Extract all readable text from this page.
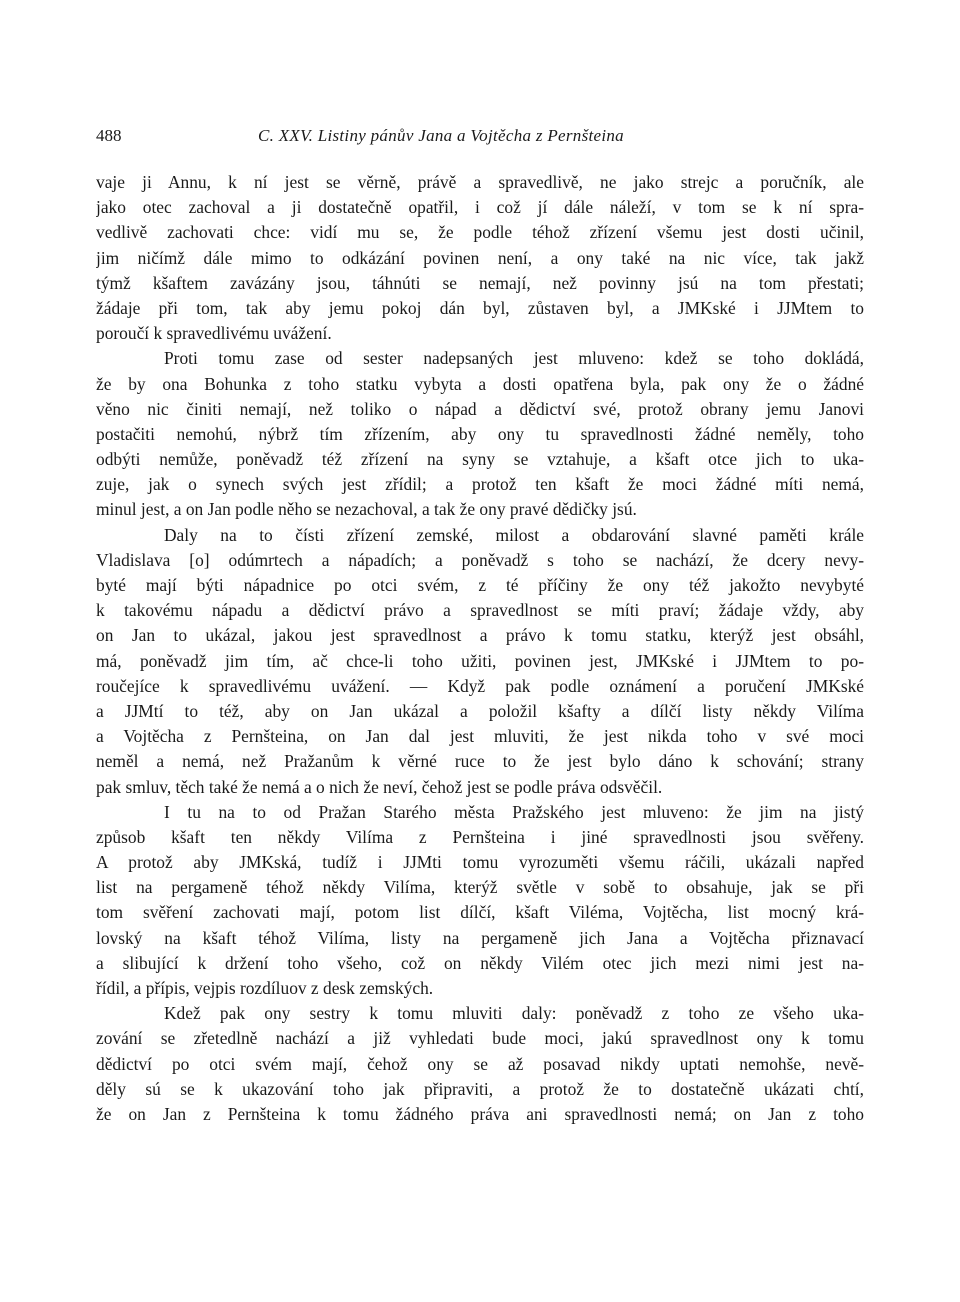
488	C. XXV. Listiny pánův Jana a Vojtěcha z Pernšteina
vaje ji Annu, k ní jest se věrně, právě a spravedlivě, ne jako strejc a poručník, ale
jako otec zachoval a ji dostatečně opatřil, i což jí dále náleží, v tom se k ní spra-
vedlivě zachovati chce: vidí mu se, že podle téhož zřízení všemu jest dosti učinil,
jim ničímž dále mimo to odkázání povinen není, a ony také na nic více, tak jakž
týmž kšaftem zavázány jsou, táhnúti se nemají, než povinny jsú na tom přestati;
žádaje při tom, tak aby jemu pokoj dán byl, zůstaven byl, a JMKské i JJMtem to
poroučí k spravedlivému uvážení.
Proti tomu zase od sester nadepsaných jest mluveno: kdež se toho dokládá,
že by ona Bohunka z toho statku vybyta a dosti opatřena byla, pak ony že o žádné
věno nic činiti nemají, než toliko o nápad a dědictví své, protož obrany jemu Janovi
postačiti nemohú, nýbrž tím zřízením, aby ony tu spravedlnosti žádné neměly, toho
odbýti nemůže, poněvadž též zřízení na syny se vztahuje, a kšaft otce jich to uka-
zuje, jak o synech svých jest zřídil; a protož ten kšaft že moci žádné míti nemá,
minul jest, a on Jan podle něho se nezachoval, a tak že ony pravé dědičky jsú.
Daly na to čísti zřízení zemské, milost a obdarování slavné paměti krále
Vladislava [o] odúmrtech a nápadích; a poněvadž s toho se nachází, že dcery nevy-
byté mají býti nápadnice po otci svém, z té příčiny že ony též jakožto nevybyté
k takovému nápadu a dědictví právo a spravedlnost se míti praví; žádaje vždy, aby
on Jan to ukázal, jakou jest spravedlnost a právo k tomu statku, kterýž jest obsáhl,
má, poněvadž jim tím, ač chce-li toho užiti, povinen jest, JMKské i JJMtem to po-
roučejíce k spravedlivému uvážení. — Když pak podle oznámení a poručení JMKské
a JJMtí to též, aby on Jan ukázal a položil kšafty a dílčí listy někdy Vilíma
a Vojtěcha z Pernšteina, on Jan dal jest mluviti, že jest nikda toho v své moci
neměl a nemá, než Pražanům k věrné ruce to že jest bylo dáno k schování; strany
pak smluv, těch také že nemá a o nich že neví, čehož jest se podle práva odsvěčil.
I tu na to od Pražan Starého města Pražského jest mluveno: že jim na jistý
způsob kšaft ten někdy Vilíma z Pernšteina i jiné spravedlnosti jsou svěřeny.
A protož aby JMKská, tudíž i JJMti tomu vyrozuměti všemu ráčili, ukázali napřed
list na pergameně téhož někdy Vilíma, kterýž světle v sobě to obsahuje, jak se při
tom svěření zachovati mají, potom list dílčí, kšaft Viléma, Vojtěcha, list mocný krá-
lovský na kšaft téhož Vilíma, listy na pergameně jich Jana a Vojtěcha přiznavací
a slibující k držení toho všeho, což on někdy Vilém otec jich mezi nimi jest na-
řídil, a přípis, vejpis rozdíluov z desk zemských.
Kdež pak ony sestry k tomu mluviti daly: poněvadž z toho ze všeho uka-
zování se zřetedlně nachází a již vyhledati bude moci, jakú spravedlnost ony k tomu
dědictví po otci svém mají, čehož ony se až posavad nikdy uptati nemohše, nevě-
děly sú se k ukazování toho jak připraviti, a protož že to dostatečně ukázati chtí,
že on Jan z Pernšteina k tomu žádného práva ani spravedlnosti nemá; on Jan z toho
